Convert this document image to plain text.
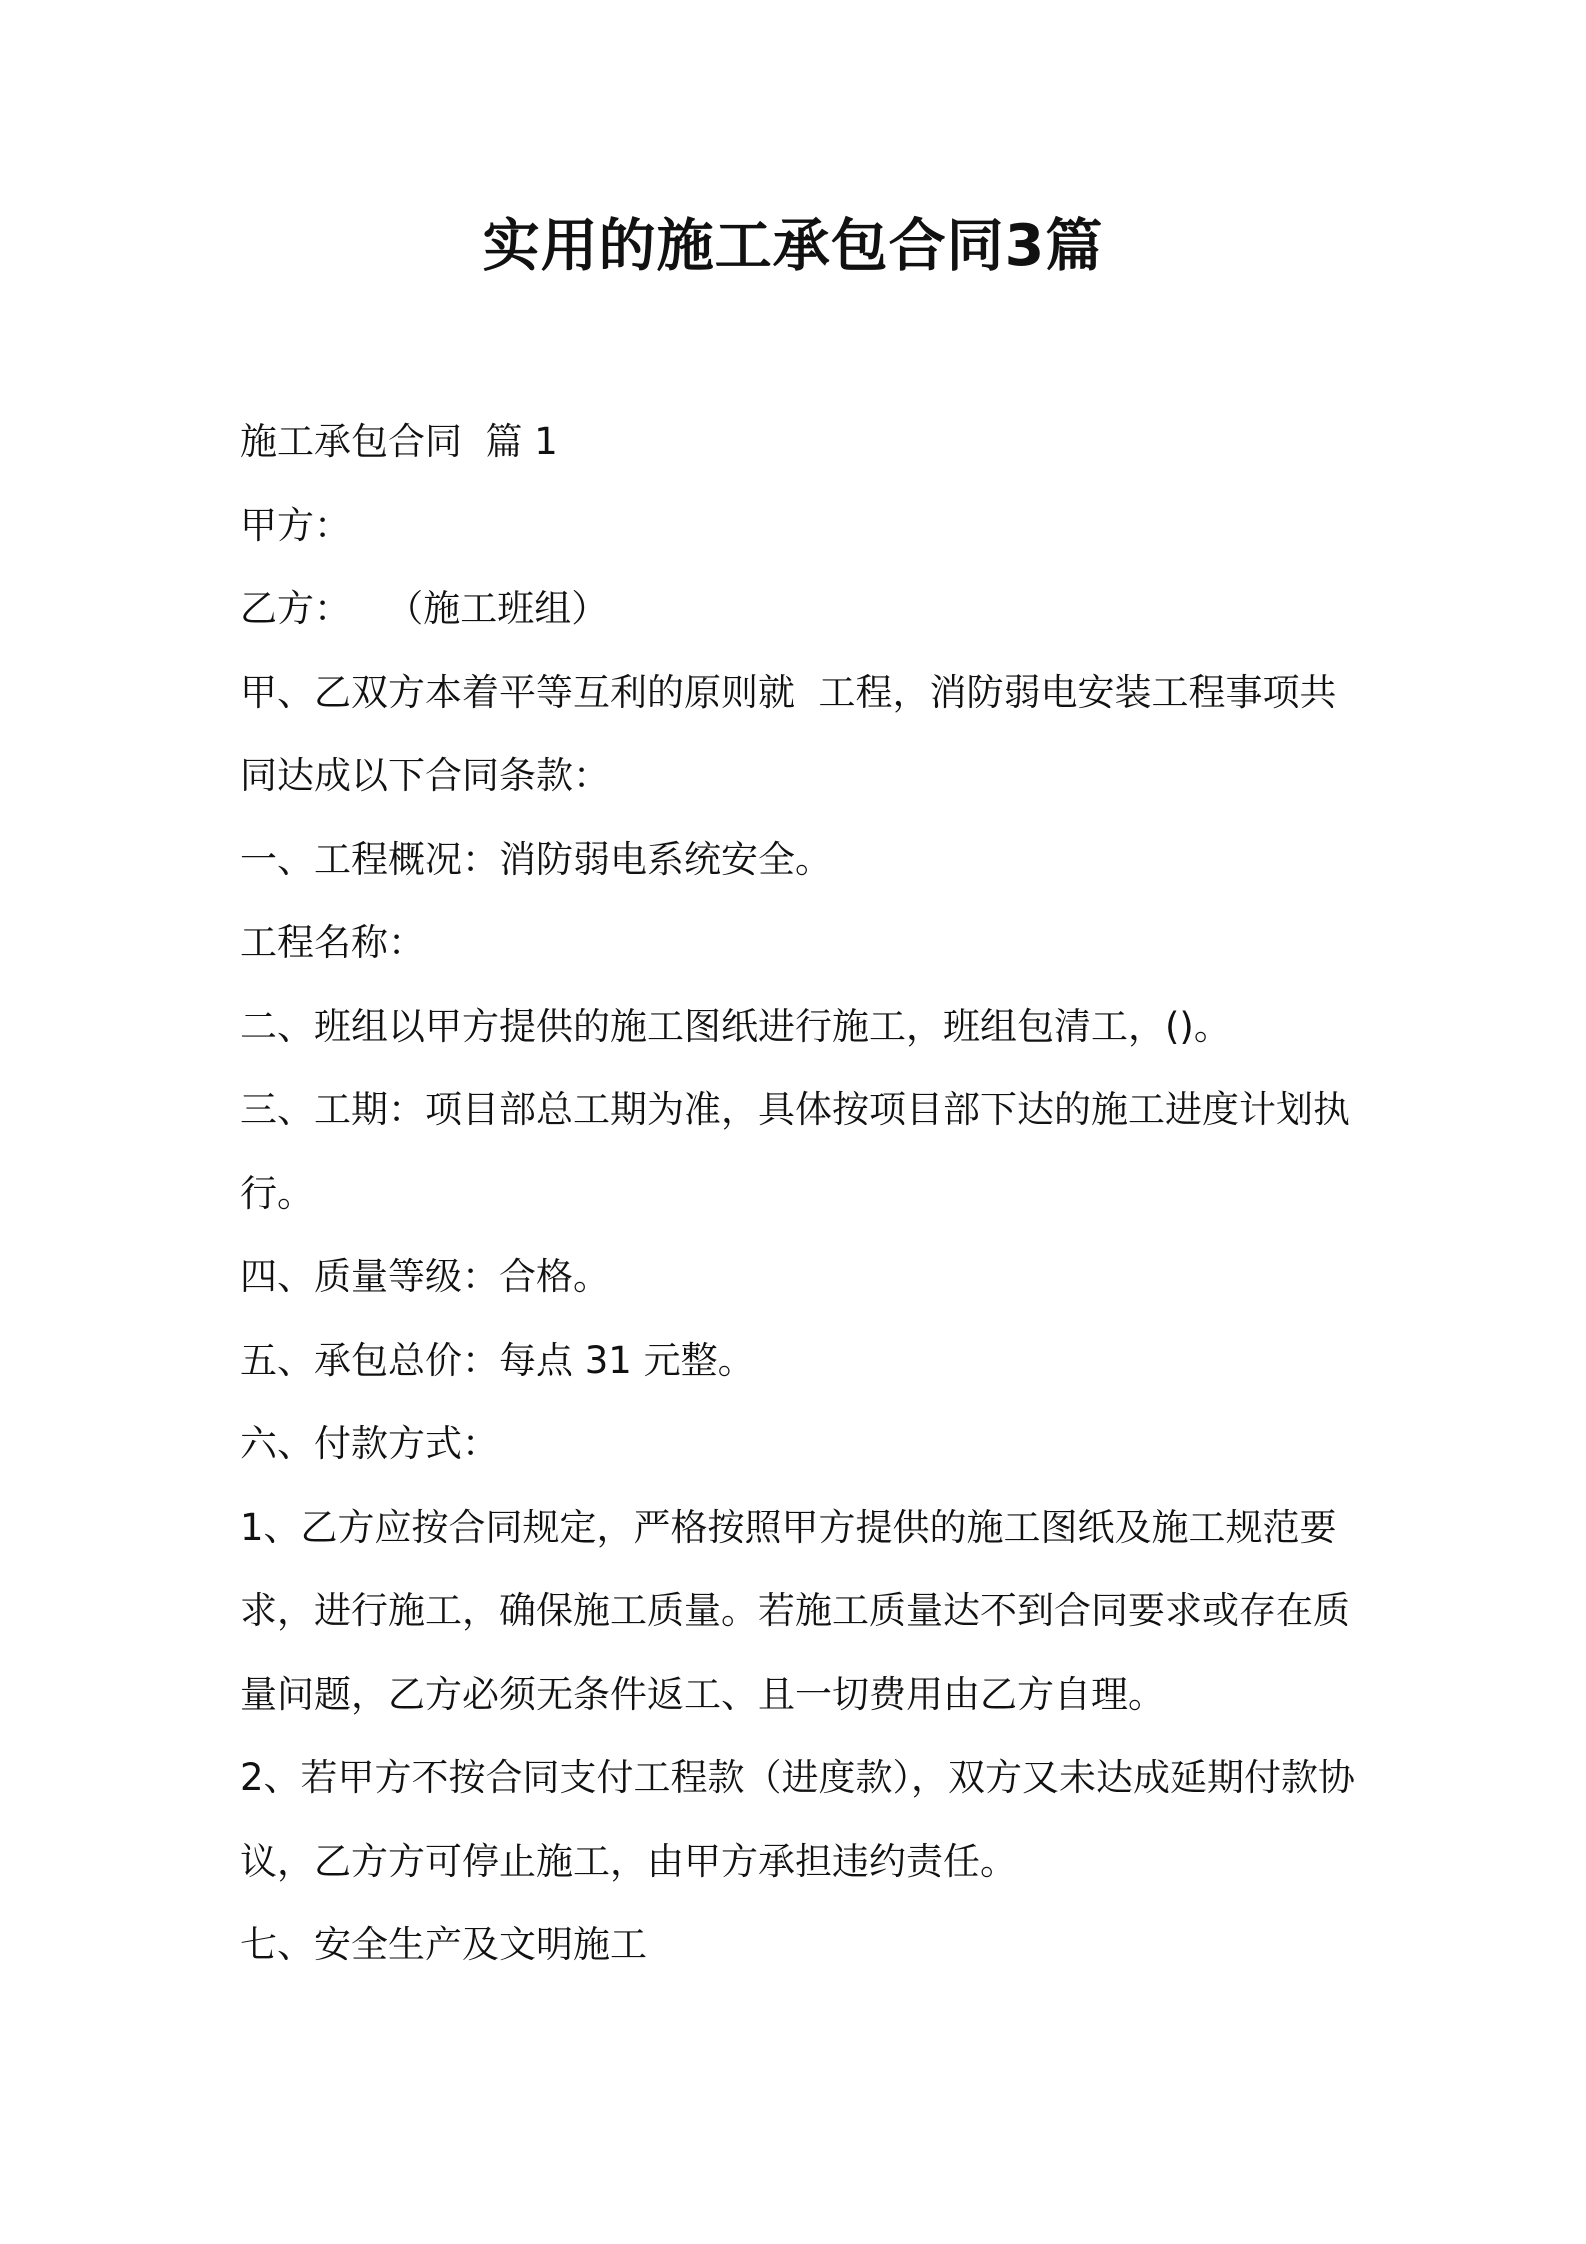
实用的施工承包合同3篇

施工承包合同  篇 1

甲方：

乙方：   （施工班组）

甲、乙双方本着平等互利的原则就  工程，消防弱电安装工程事项共同达成以下合同条款：

一、工程概况：消防弱电系统安全。

工程名称：

二、班组以甲方提供的施工图纸进行施工，班组包清工，()。

三、工期：项目部总工期为准，具体按项目部下达的施工进度计划执行。

四、质量等级：合格。

五、承包总价：每点 31 元整。

六、付款方式：

1、乙方应按合同规定，严格按照甲方提供的施工图纸及施工规范要求，进行施工，确保施工质量。若施工质量达不到合同要求或存在质量问题，乙方必须无条件返工、且一切费用由乙方自理。

2、若甲方不按合同支付工程款（进度款），双方又未达成延期付款协议，乙方方可停止施工，由甲方承担违约责任。

七、安全生产及文明施工
